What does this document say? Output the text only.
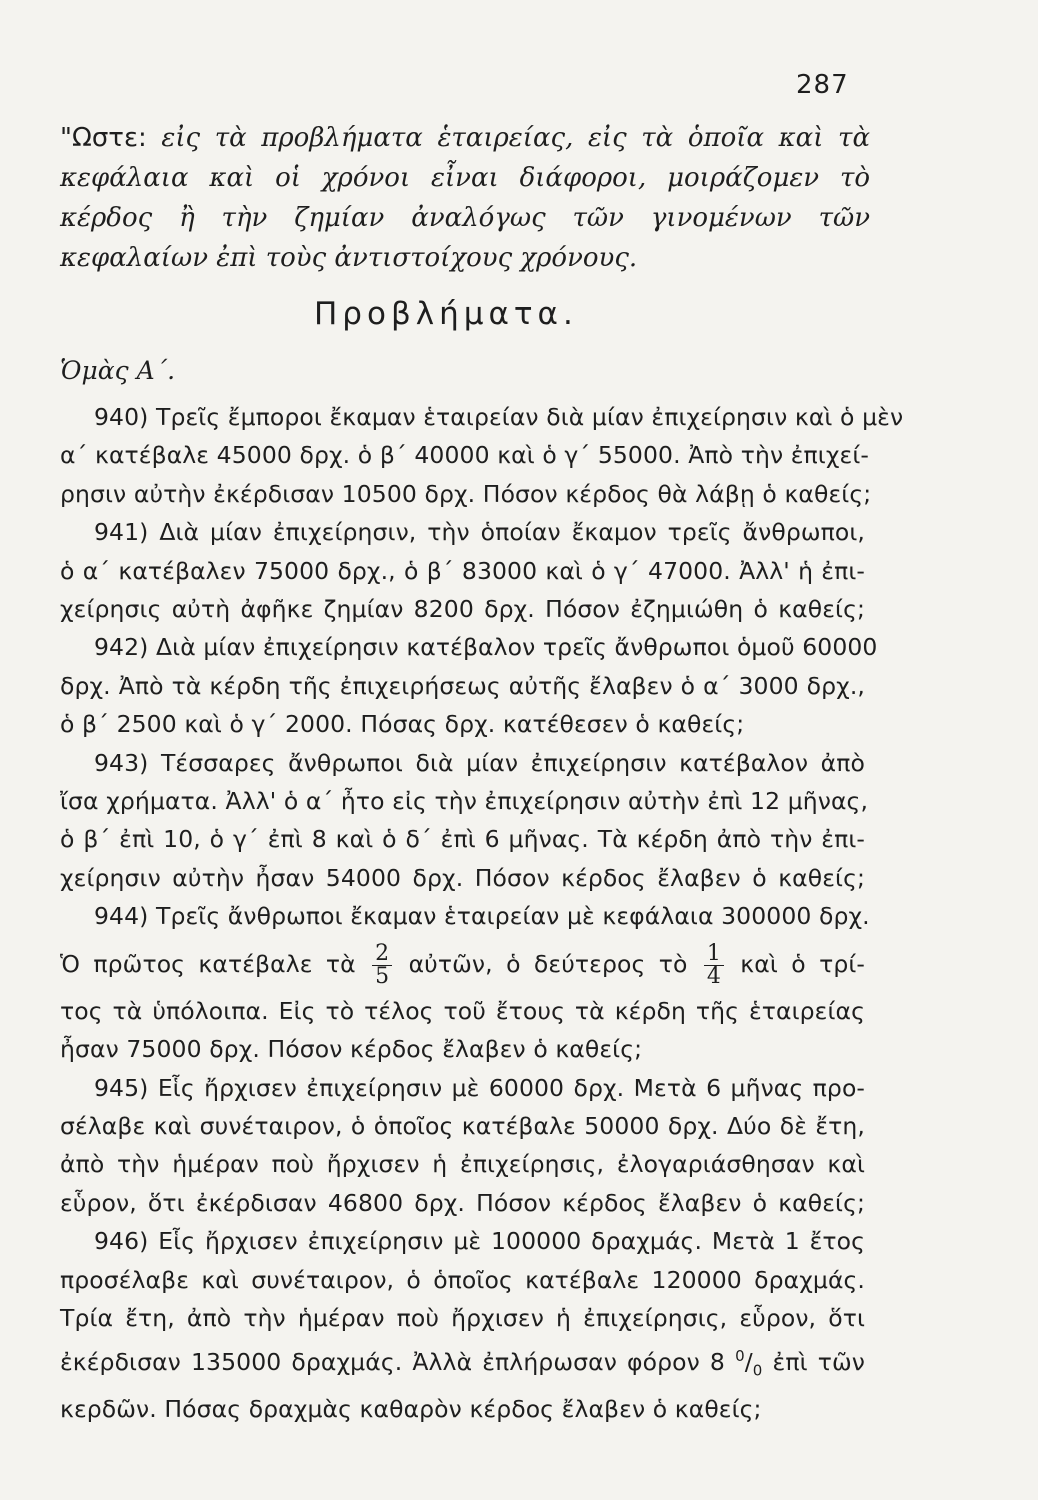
287
"Ωστε: εἰς τὰ προβλήματα ἑταιρείας, εἰς τὰ ὁποῖα καὶ τὰ κεφάλαια καὶ οἱ χρόνοι εἶναι διάφοροι, μοιράζομεν τὸ κέρδος ἢ τὴν ζημίαν ἀναλόγως τῶν γινομένων τῶν κεφαλαίων ἐπὶ τοὺς ἀντιστοίχους χρόνους.
Προβλήματα.
Ὁμὰς Α΄.
940) Τρεῖς ἔμποροι ἔκαμαν ἑταιρείαν διὰ μίαν ἐπιχείρησιν καὶ ὁ μὲν
α΄ κατέβαλε 45000 δρχ. ὁ β΄ 40000 καὶ ὁ γ΄ 55000. Ἀπὸ τὴν ἐπιχεί-
ρησιν αὐτὴν ἐκέρδισαν 10500 δρχ. Πόσον κέρδος θὰ λάβῃ ὁ καθείς;
941) Διὰ μίαν ἐπιχείρησιν, τὴν ὁποίαν ἔκαμον τρεῖς ἄνθρωποι,
ὁ α΄ κατέβαλεν 75000 δρχ., ὁ β΄ 83000 καὶ ὁ γ΄ 47000. Ἀλλ' ἡ ἐπι-
χείρησις αὐτὴ ἀφῆκε ζημίαν 8200 δρχ. Πόσον ἐζημιώθη ὁ καθείς;
942) Διὰ μίαν ἐπιχείρησιν κατέβαλον τρεῖς ἄνθρωποι ὁμοῦ 60000
δρχ. Ἀπὸ τὰ κέρδη τῆς ἐπιχειρήσεως αὐτῆς ἔλαβεν ὁ α΄ 3000 δρχ.,
ὁ β΄ 2500 καὶ ὁ γ΄ 2000. Πόσας δρχ. κατέθεσεν ὁ καθείς;
943) Τέσσαρες ἄνθρωποι διὰ μίαν ἐπιχείρησιν κατέβαλον ἀπὸ
ἴσα χρήματα. Ἀλλ' ὁ α΄ ἦτο εἰς τὴν ἐπιχείρησιν αὐτὴν ἐπὶ 12 μῆνας,
ὁ β΄ ἐπὶ 10, ὁ γ΄ ἐπὶ 8 καὶ ὁ δ΄ ἐπὶ 6 μῆνας. Τὰ κέρδη ἀπὸ τὴν ἐπι-
χείρησιν αὐτὴν ἦσαν 54000 δρχ. Πόσον κέρδος ἔλαβεν ὁ καθείς;
944) Τρεῖς ἄνθρωποι ἔκαμαν ἑταιρείαν μὲ κεφάλαια 300000 δρχ.
Ὁ πρῶτος κατέβαλε τὰ $\frac{2}{5}$ αὐτῶν, ὁ δεύτερος τὸ $\frac{1}{4}$ καὶ ὁ τρί-
τος τὰ ὑπόλοιπα. Εἰς τὸ τέλος τοῦ ἔτους τὰ κέρδη τῆς ἑταιρείας
ἦσαν 75000 δρχ. Πόσον κέρδος ἔλαβεν ὁ καθείς;
945) Εἷς ἤρχισεν ἐπιχείρησιν μὲ 60000 δρχ. Μετὰ 6 μῆνας προ-
σέλαβε καὶ συνέταιρον, ὁ ὁποῖος κατέβαλε 50000 δρχ. Δύο δὲ ἔτη,
ἀπὸ τὴν ἡμέραν ποὺ ἤρχισεν ἡ ἐπιχείρησις, ἐλογαριάσθησαν καὶ
εὗρον, ὅτι ἐκέρδισαν 46800 δρχ. Πόσον κέρδος ἔλαβεν ὁ καθείς;
946) Εἷς ἤρχισεν ἐπιχείρησιν μὲ 100000 δραχμάς. Μετὰ 1 ἔτος
προσέλαβε καὶ συνέταιρον, ὁ ὁποῖος κατέβαλε 120000 δραχμάς.
Τρία ἔτη, ἀπὸ τὴν ἡμέραν ποὺ ἤρχισεν ἡ ἐπιχείρησις, εὗρον, ὅτι
ἐκέρδισαν 135000 δραχμάς. Ἀλλὰ ἐπλήρωσαν φόρον 8 $^0/_0$ ἐπὶ τῶν
κερδῶν. Πόσας δραχμὰς καθαρὸν κέρδος ἔλαβεν ὁ καθείς;
